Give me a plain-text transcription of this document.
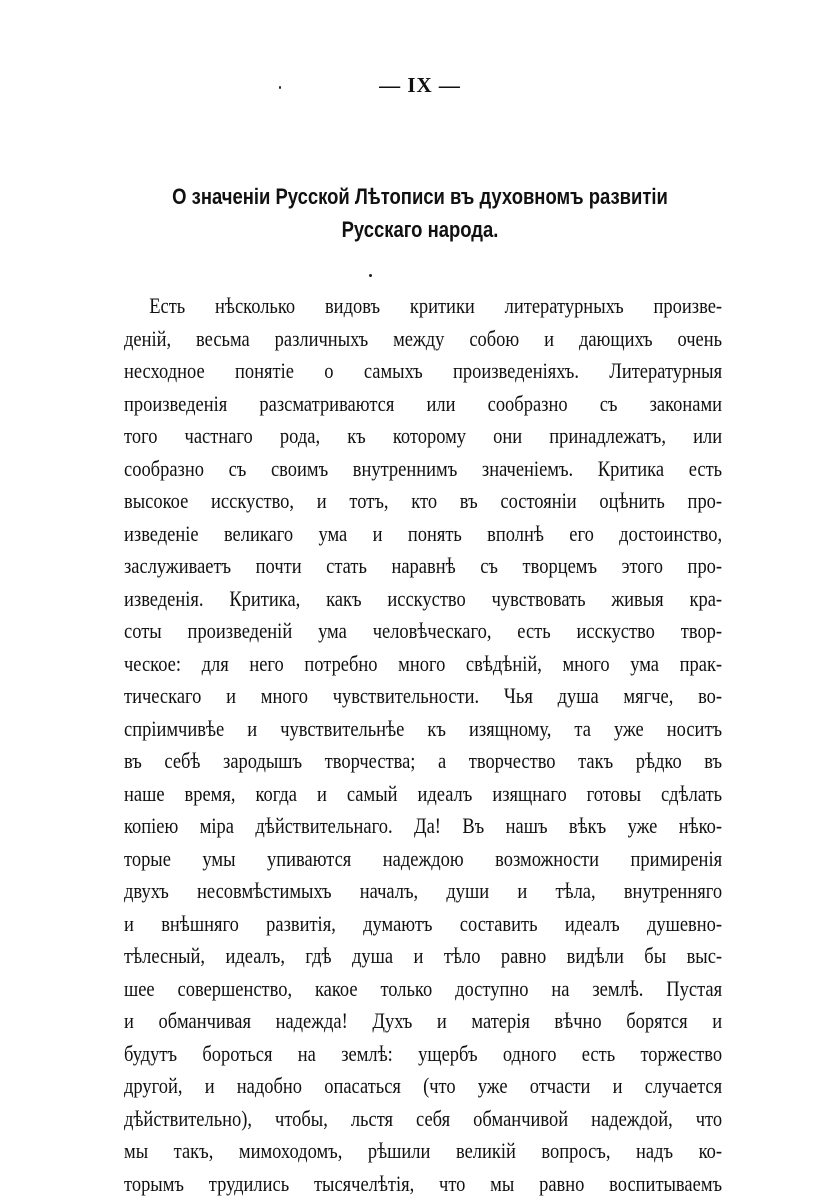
— IX —
О значеніи Русской Лѣтописи въ духовномъ развитіи
Русскаго народа.
Есть нѣсколько видовъ критики литературныхъ произве-
деній, весьма различныхъ между собою и дающихъ очень
несходное понятіе о самыхъ произведеніяхъ. Литературныя
произведенія разсматриваются или сообразно съ законами
того частнаго рода, къ которому они принадлежатъ, или
сообразно съ своимъ внутреннимъ значеніемъ. Критика есть
высокое исскуство, и тотъ, кто въ состояніи оцѣнить про-
изведеніе великаго ума и понять вполнѣ его достоинство,
заслуживаетъ почти стать наравнѣ съ творцемъ этого про-
изведенія. Критика, какъ исскуство чувствовать живыя кра-
соты произведеній ума человѣческаго, есть исскуство твор-
ческое: для него потребно много свѣдѣній, много ума прак-
тическаго и много чувствительности. Чья душа мягче, во-
спріимчивѣе и чувствительнѣе къ изящному, та уже носитъ
въ себѣ зародышъ творчества; а творчество такъ рѣдко въ
наше время, когда и самый идеалъ изящнаго готовы сдѣлать
копіею міра дѣйствительнаго. Да! Въ нашъ вѣкъ уже нѣко-
торые умы упиваются надеждою возможности примиренія
двухъ несовмѣстимыхъ началъ, души и тѣла, внутренняго
и внѣшняго развитія, думаютъ составить идеалъ душевно-
тѣлесный, идеалъ, гдѣ душа и тѣло равно видѣли бы выс-
шее совершенство, какое только доступно на землѣ. Пустая
и обманчивая надежда! Духъ и матерія вѣчно борятся и
будутъ бороться на землѣ: ущербъ одного есть торжество
другой, и надобно опасаться (что уже отчасти и случается
дѣйствительно), чтобы, льстя себя обманчивой надеждой, что
мы такъ, мимоходомъ, рѣшили великій вопросъ, надъ ко-
торымъ трудились тысячелѣтія, что мы равно воспитываемъ
